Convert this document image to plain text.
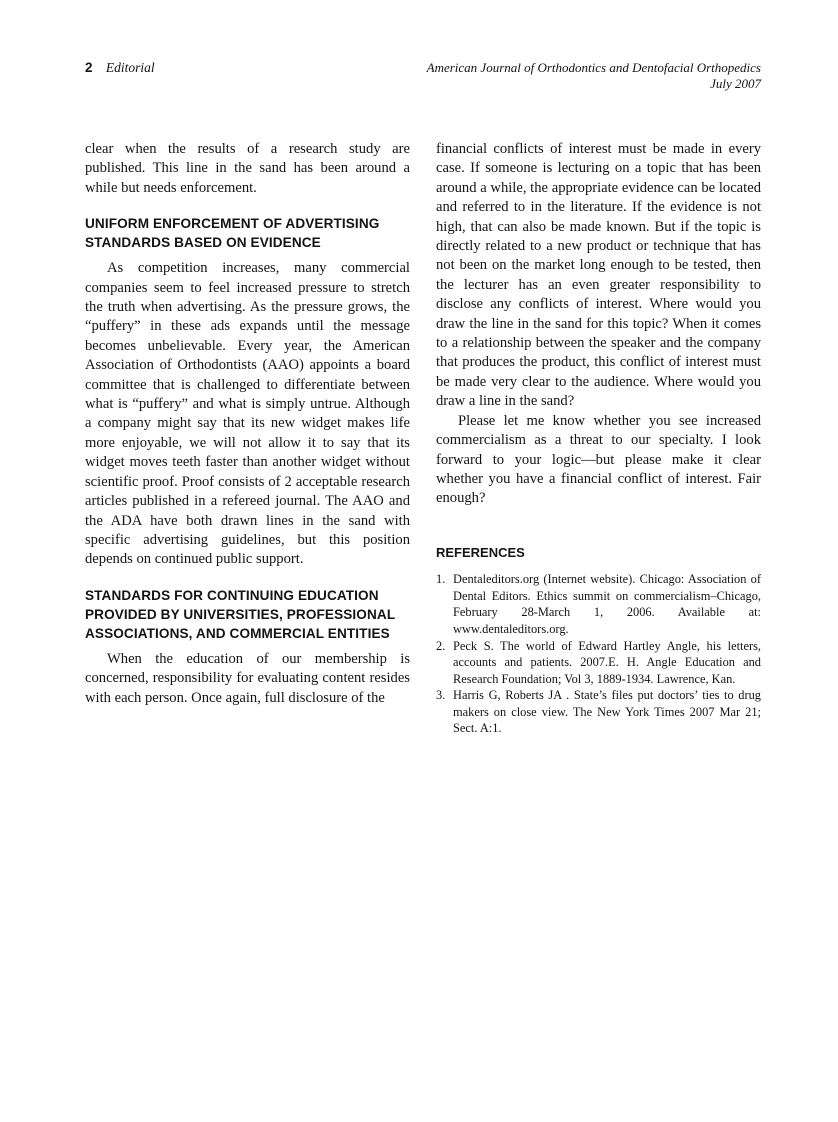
2 Editorial	American Journal of Orthodontics and Dentofacial Orthopedics
July 2007

clear when the results of a research study are published. This line in the sand has been around a while but needs enforcement.

UNIFORM ENFORCEMENT OF ADVERTISING STANDARDS BASED ON EVIDENCE

As competition increases, many commercial companies seem to feel increased pressure to stretch the truth when advertising. As the pressure grows, the “puffery” in these ads expands until the message becomes unbelievable. Every year, the American Association of Orthodontists (AAO) appoints a board committee that is challenged to differentiate between what is “puffery” and what is simply untrue. Although a company might say that its new widget makes life more enjoyable, we will not allow it to say that its widget moves teeth faster than another widget without scientific proof. Proof consists of 2 acceptable research articles published in a refereed journal. The AAO and the ADA have both drawn lines in the sand with specific advertising guidelines, but this position depends on continued public support.

STANDARDS FOR CONTINUING EDUCATION PROVIDED BY UNIVERSITIES, PROFESSIONAL ASSOCIATIONS, AND COMMERCIAL ENTITIES

When the education of our membership is concerned, responsibility for evaluating content resides with each person. Once again, full disclosure of the

financial conflicts of interest must be made in every case. If someone is lecturing on a topic that has been around a while, the appropriate evidence can be located and referred to in the literature. If the evidence is not high, that can also be made known. But if the topic is directly related to a new product or technique that has not been on the market long enough to be tested, then the lecturer has an even greater responsibility to disclose any conflicts of interest. Where would you draw the line in the sand for this topic? When it comes to a relationship between the speaker and the company that produces the product, this conflict of interest must be made very clear to the audience. Where would you draw a line in the sand?

Please let me know whether you see increased commercialism as a threat to our specialty. I look forward to your logic—but please make it clear whether you have a financial conflict of interest. Fair enough?

REFERENCES
1. Dentaleditors.org (Internet website). Chicago: Association of Dental Editors. Ethics summit on commercialism–Chicago, February 28-March 1, 2006. Available at: www.dentaleditors.org.
2. Peck S. The world of Edward Hartley Angle, his letters, accounts and patients. 2007.E. H. Angle Education and Research Foundation; Vol 3, 1889-1934. Lawrence, Kan.
3. Harris G, Roberts JA . State’s files put doctors’ ties to drug makers on close view. The New York Times 2007 Mar 21; Sect. A:1.
